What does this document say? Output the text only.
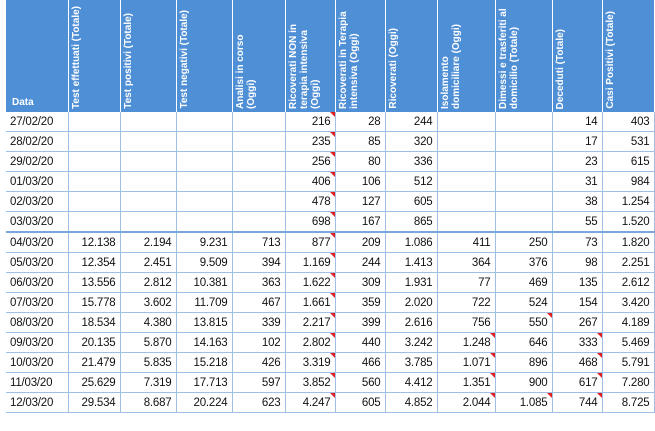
Data	Test effettuati (Totale)	Test positivi (Totale)	Test negativi (Totale)	Analisi in corso (Oggi)	Ricoverati NON in terapia intensiva (Oggi)	Ricoverati in Terapia intensiva (Oggi)	Ricoverati (Oggi)	Isolamento domiciliare (Oggi)	Dimessi e trasferiti al domicilio (Totale)	Deceduti (Totale)	Casi Positivi (Totale)

27/02/20					216	28	244			14	403
28/02/20					235	85	320			17	531
29/02/20					256	80	336			23	615
01/03/20					406	106	512			31	984
02/03/20					478	127	605			38	1.254
03/03/20					698	167	865			55	1.520
04/03/20	12.138	2.194	9.231	713	877	209	1.086	411	250	73	1.820
05/03/20	12.354	2.451	9.509	394	1.169	244	1.413	364	376	98	2.251
06/03/20	13.556	2.812	10.381	363	1.622	309	1.931	77	469	135	2.612
07/03/20	15.778	3.602	11.709	467	1.661	359	2.020	722	524	154	3.420
08/03/20	18.534	4.380	13.815	339	2.217	399	2.616	756	550	267	4.189
09/03/20	20.135	5.870	14.163	102	2.802	440	3.242	1.248	646	333	5.469
10/03/20	21.479	5.835	15.218	426	3.319	466	3.785	1.071	896	468	5.791
11/03/20	25.629	7.319	17.713	597	3.852	560	4.412	1.351	900	617	7.280
12/03/20	29.534	8.687	20.224	623	4.247	605	4.852	2.044	1.085	744	8.725
